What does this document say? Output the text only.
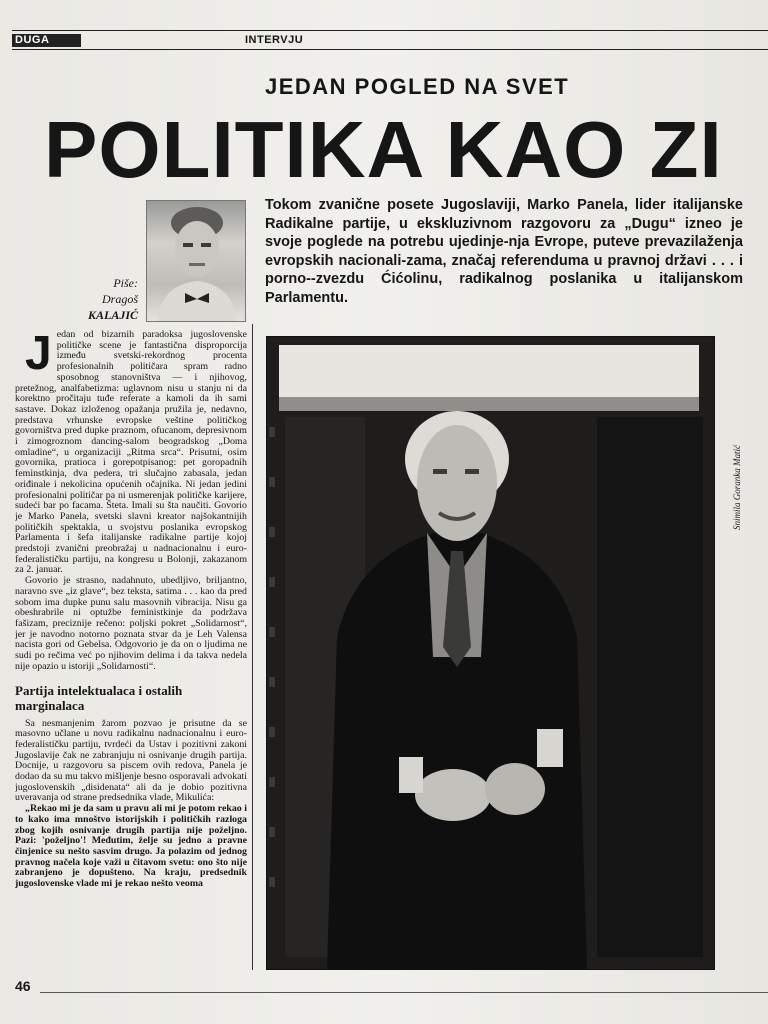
DUGA	INTERVJU
JEDAN POGLED NA SVET
POLITIKA KAO ZI
Piše:
Dragoš
KALAJIĆ
Tokom zvanične posete Jugoslaviji, Marko Panela, lider italijanske Radikalne partije, u ekskluzivnom razgovoru za „Dugu“ izneo je svoje poglede na potrebu ujedinje-nja Evrope, puteve prevazilaženja evropskih nacionali-zama, značaj referenduma u pravnoj državi . . . i porno--zvezdu Ćićolinu, radikalnog poslanika u italijanskom Parlamentu.

Jedan od bizarnih paradoksa jugoslovenske političke scene je fantastična disproporcija između svetski-rekordnog procenta profesionalnih političara spram radno sposobnog stanovništva — i njihovog, pretežnog, analfabetizma: uglavnom nisu u stanju ni da korektno pročitaju tuđe referate a kamoli da ih sami sastave. Dokaz izloženog opažanja pružila je, nedavno, predstava vrhunske evropske veštine političkog govorništva pred dupke praznom, ofucanom, depresivnom i zimogroznom dancing-salom beogradskog „Doma omladine“, u organizaciji „Ritma srca“. Prisutni, osim govornika, pratioca i gorepotpisanog: pet goropadnih feminstkinja, dva pedera, tri slučajno zabasala, jedan oriđinale i nekolicina opućenih očajnika. Ni jedan jedini profesionalni političar pa ni usmerenjak političke karijere, sudeći bar po facama. Šteta. Imali su šta naučiti. Govorio je Marko Panela, svetski slavni kreator najšokantnijih političkih spektakla, u svojstvu poslanika evropskog Parlamenta i šefa italijanske radikalne partije kojoj predstoji zvanični preobražaj u nadnacionalnu i euro-federalističku partiju, na kongresu u Bolonji, zakazanom za 2. januar.

Govorio je strasno, nadahnuto, ubedljivo, briljantno, naravno sve „iz glave“, bez teksta, satima . . . kao da pred sobom ima dupke punu salu masovnih vibracija. Nisu ga obeshrabrile ni optužbe feministkinje da podržava fašizam, preciznije rečeno: poljski pokret „Solidarnost“, jer je navodno notorno poznata stvar da je Leh Valensa nacista gori od Gebelsa. Odgovorio je da on o ljudima ne sudi po rečima već po njihovim delima i da takva nedela nije opazio u istoriji „Solidarnosti“.

Partija intelektualaca i ostalih marginalaca

Sa nesmanjenim žarom pozvao je prisutne da se masovno učlane u novu radikalnu nadnacionalnu i euro-federalističku partiju, tvrdeći da Ustav i pozitivni zakoni Jugoslavije čak ne zabranjuju ni osnivanje drugih partija. Docnije, u razgovoru sa piscem ovih redova, Panela je dodao da su mu takvo mišljenje besno osporavali advokati jugoslovenskih „disidenata“ ali da je dobio pozitivna uveravanja od strane predsednika vlade, Mikulića:

„Rekao mi je da sam u pravu ali mi je potom rekao i to kako ima mnoštvo istorijskih i političkih razloga zbog kojih osnivanje drugih partija nije poželjno. Pazi: 'poželjno'! Međutim, želje su jedno a pravne činjenice su nešto sasvim drugo. Ja polazim od jednog pravnog načela koje važi u čitavom svetu: ono što nije zabranjeno je dopušteno. Na kraju, predsednik jugoslovenske vlade mi je rekao nešto veoma

Snimila Goranka Matić
46
